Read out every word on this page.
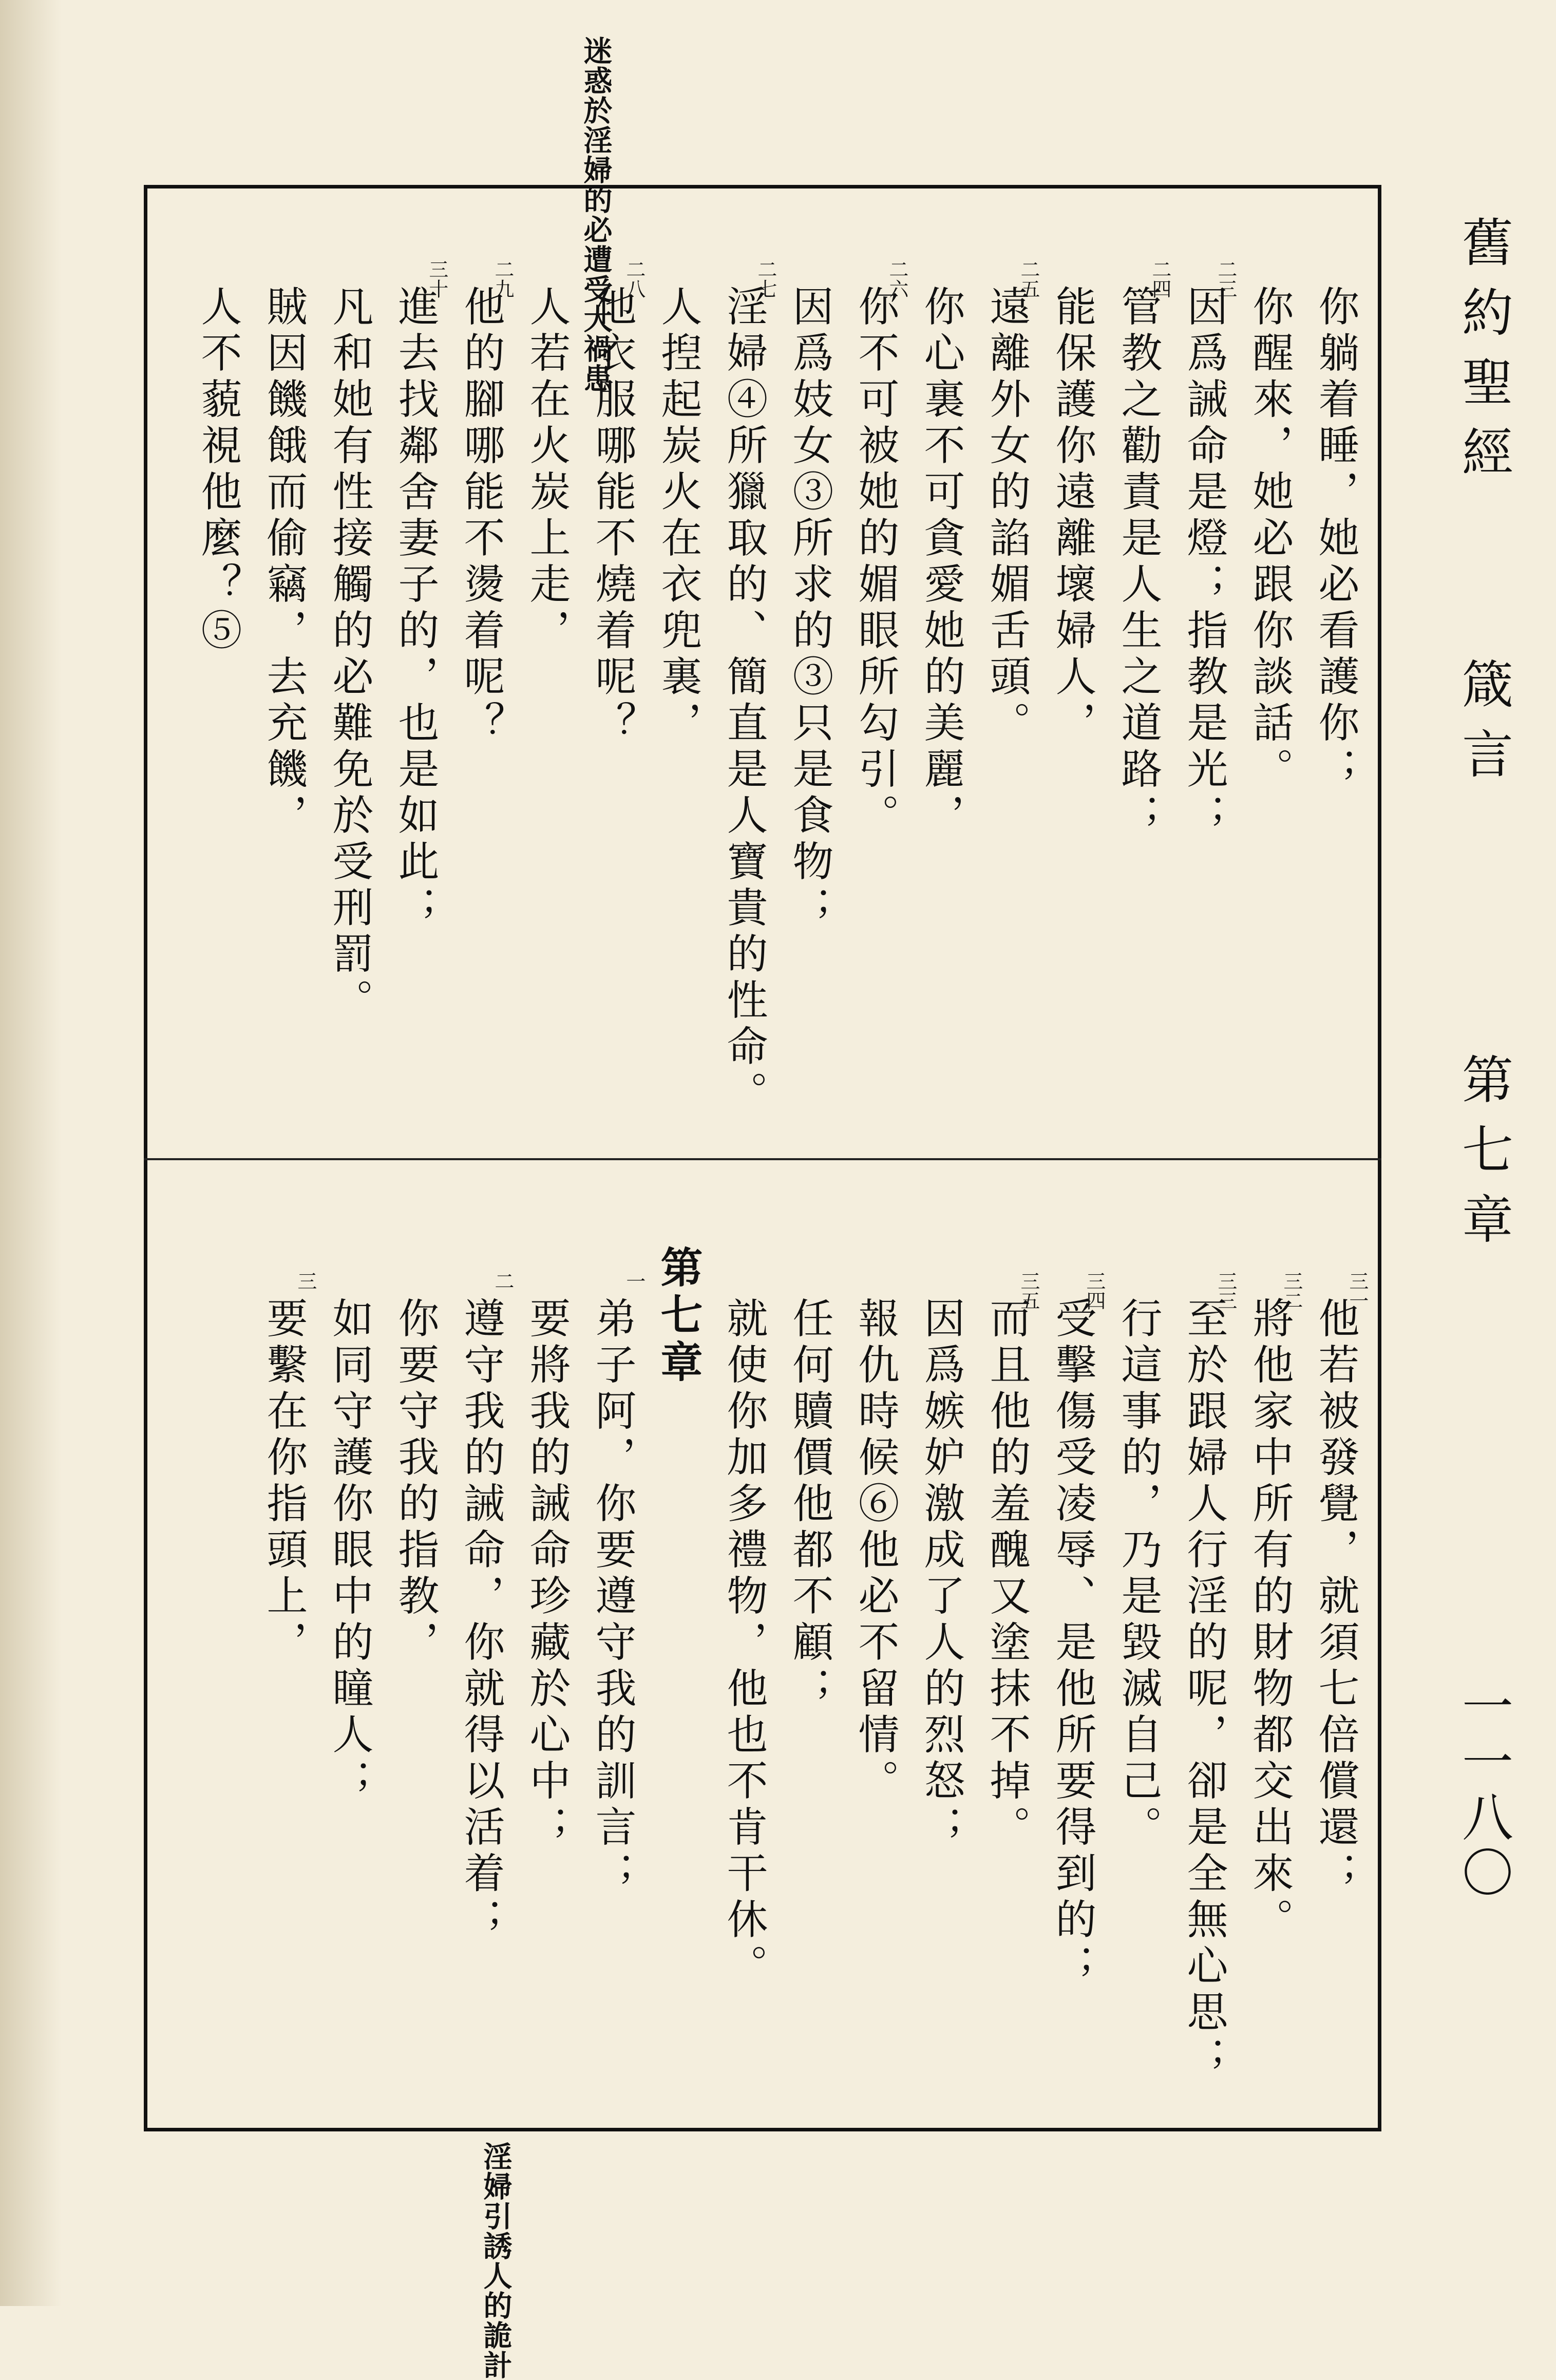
迷惑於淫婦的必遭受大禍患
淫婦引誘人的詭計
舊約聖經
箴言
第七章
一一八〇
你躺着睡，她必看護你；
你醒來，她必跟你談話。
二三
因爲誡命是燈；指教是光；
二四
管教之勸責是人生之道路；
能保護你遠離壞婦人，
二五
遠離外女的諂媚舌頭。
你心裏不可貪愛她的美麗，
二六
你不可被她的媚眼所勾引。
因爲妓女③所求的③只是食物；
二七
淫婦④所獵取的、簡直是人寶貴的性命。
人揑起炭火在衣兜裏，
二八
他衣服哪能不燒着呢？
人若在火炭上走，
二九
他的腳哪能不燙着呢？
三十
進去找鄰舍妻子的，也是如此；
凡和她有性接觸的必難免於受刑罰。
賊因饑餓而偷竊，去充饑，
人不藐視他麼？⑤
三一
他若被發覺，就須七倍償還；
三二
將他家中所有的財物都交出來。
三三
至於跟婦人行淫的呢，卻是全無心思；
行這事的，乃是毀滅自己。
三四
受擊傷受凌辱、是他所要得到的；
三五
而且他的羞醜又塗抹不掉。
因爲嫉妒激成了人的烈怒；
報仇時候⑥他必不留情。
任何贖價他都不顧；
就使你加多禮物，他也不肯干休。
第七章
一
弟子阿，你要遵守我的訓言；
要將我的誡命珍藏於心中；
二
遵守我的誡命，你就得以活着；
你要守我的指教，
如同守護你眼中的瞳人；
三
要繫在你指頭上，
